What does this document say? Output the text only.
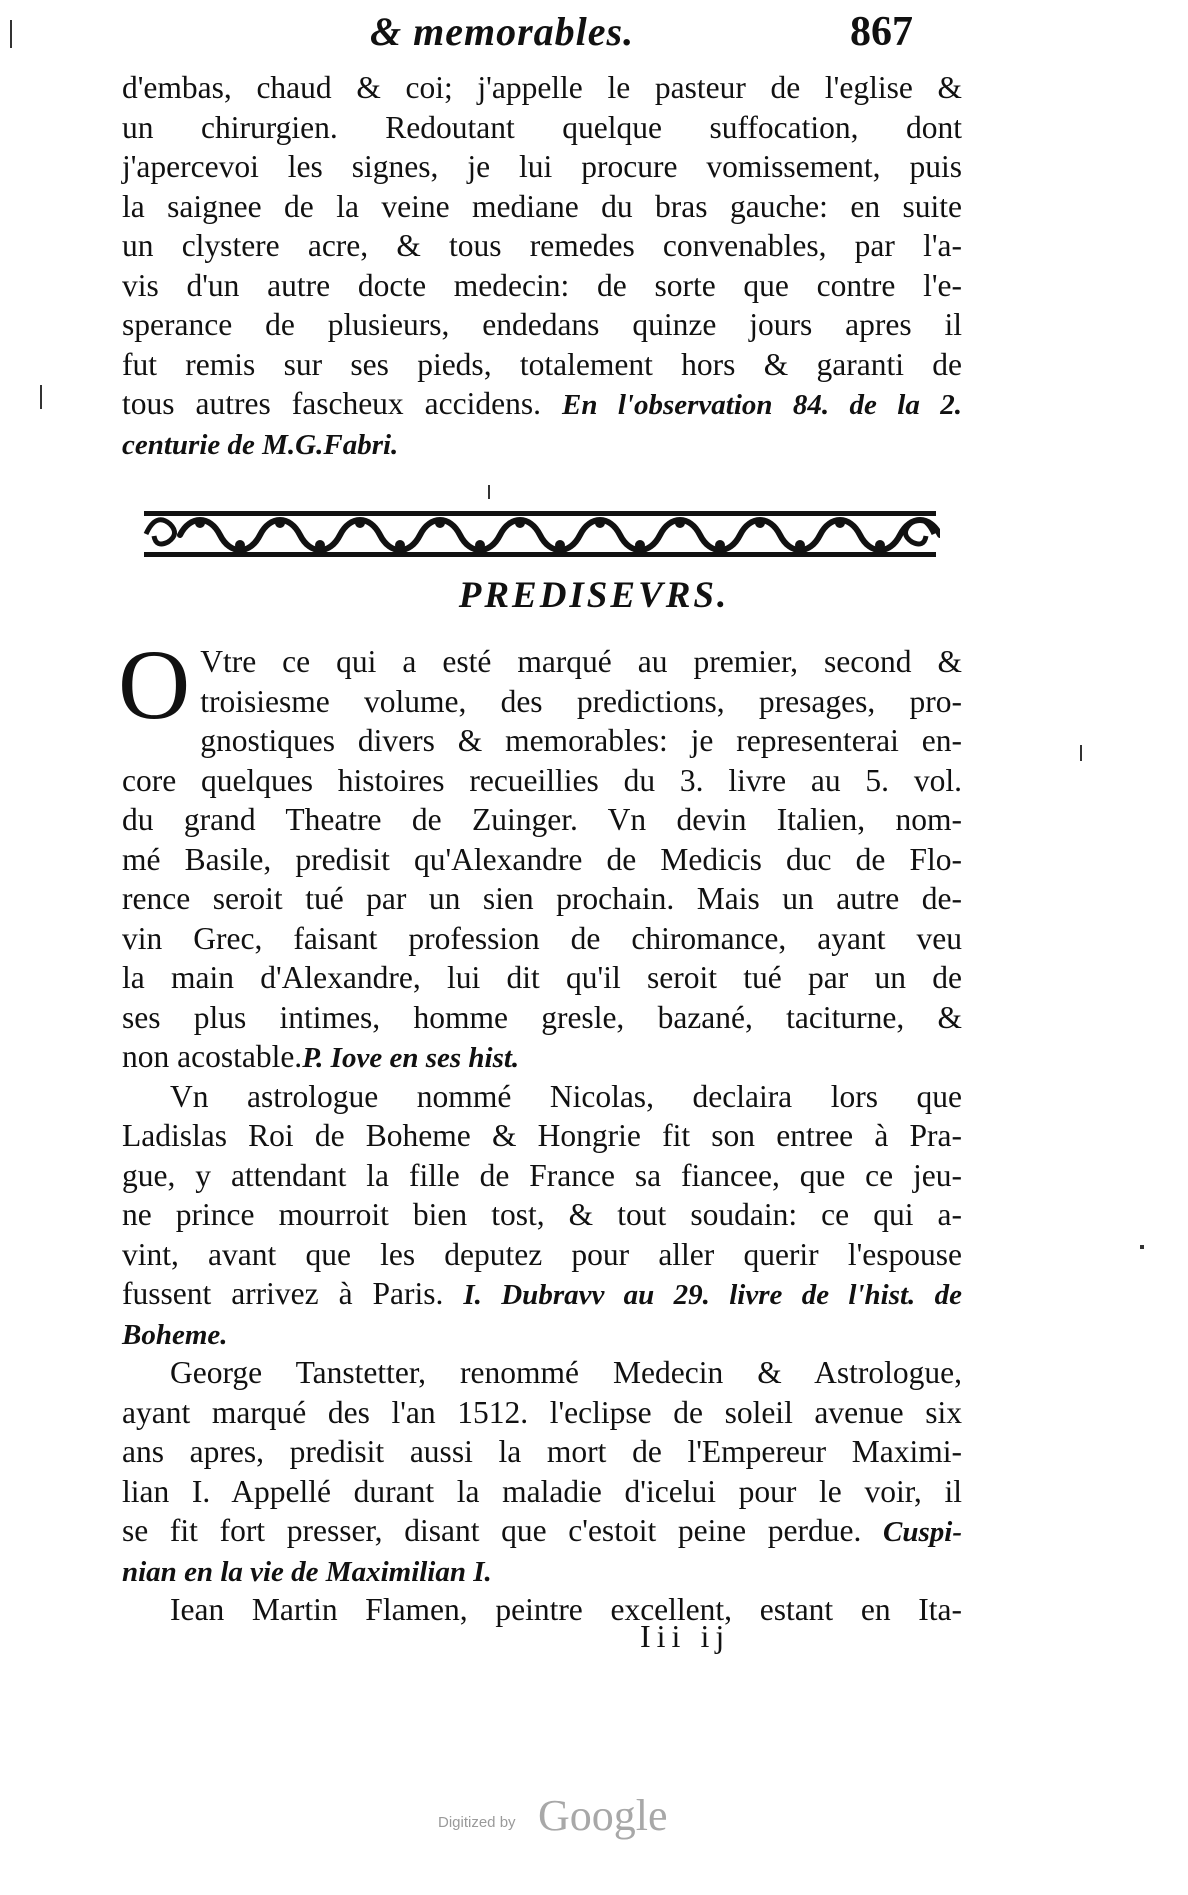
& memorables.	867
d'embas, chaud & coi; j'appelle le pasteur de l'eglise &
un chirurgien. Redoutant quelque suffocation, dont
j'apercevoi les signes, je lui procure vomissement, puis
la saignee de la veine mediane du bras gauche: en suite
un clystere acre, & tous remedes convenables, par l'a-
vis d'un autre docte medecin: de sorte que contre l'e-
sperance de plusieurs, endedans quinze jours apres il
fut remis sur ses pieds, totalement hors & garanti de
tous autres fascheux accidens. En l'observation 84. de la 2.
centurie de M.G.Fabri.
PREDISEVRS.
O Vtre ce qui a esté marqué au premier, second &
troisiesme volume, des predictions, presages, pro-
gnostiques divers & memorables: je representerai en-
core quelques histoires recueillies du 3. livre au 5. vol.
du grand Theatre de Zuinger. Vn devin Italien, nom-
mé Basile, predisit qu'Alexandre de Medicis duc de Flo-
rence seroit tué par un sien prochain. Mais un autre de-
vin Grec, faisant profession de chiromance, ayant veu
la main d'Alexandre, lui dit qu'il seroit tué par un de
ses plus intimes, homme gresle, bazané, taciturne, &
non acostable.P. Iove en ses hist.
Vn astrologue nommé Nicolas, declaira lors que
Ladislas Roi de Boheme & Hongrie fit son entree à Pra-
gue, y attendant la fille de France sa fiancee, que ce jeu-
ne prince mourroit bien tost, & tout soudain: ce qui a-
vint, avant que les deputez pour aller querir l'espouse
fussent arrivez à Paris. I. Dubravv au 29. livre de l'hist. de
Boheme.
George Tanstetter, renommé Medecin & Astrologue,
ayant marqué des l'an 1512. l'eclipse de soleil avenue six
ans apres, predisit aussi la mort de l'Empereur Maximi-
lian I. Appellé durant la maladie d'icelui pour le voir, il
se fit fort presser, disant que c'estoit peine perdue. Cuspi-
nian en la vie de Maximilian I.
Iean Martin Flamen, peintre excellent, estant en Ita-
Iii ij
Digitized by Google
